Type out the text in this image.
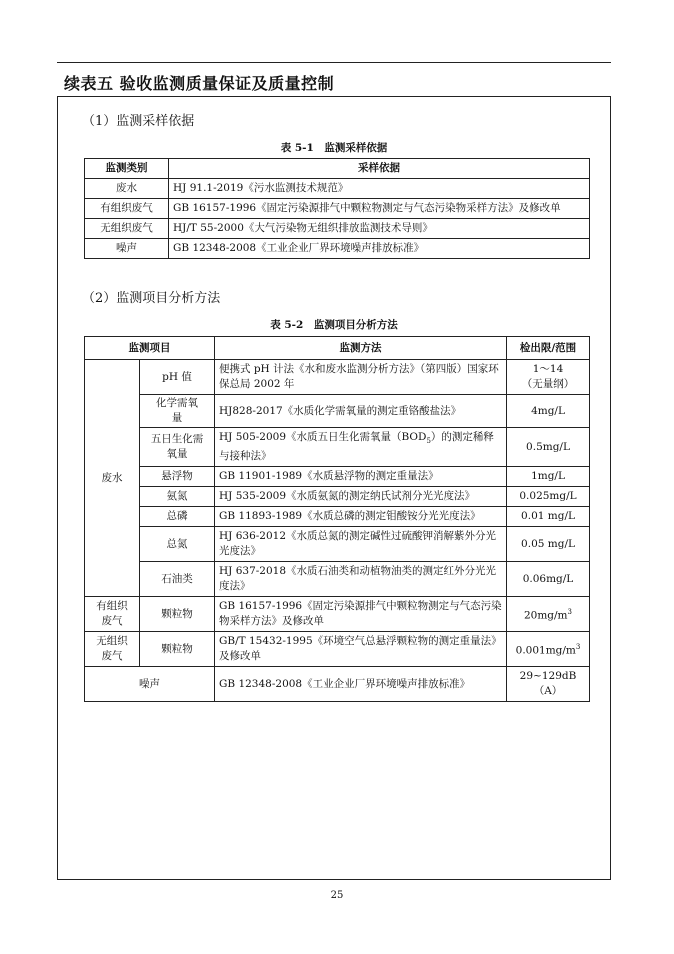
续表五 验收监测质量保证及质量控制
（1）监测采样依据
表 5-1　监测采样依据
监测类别	采样依据
废水	HJ 91.1-2019《污水监测技术规范》
有组织废气	GB 16157-1996《固定污染源排气中颗粒物测定与气态污染物采样方法》及修改单
无组织废气	HJ/T 55-2000《大气污染物无组织排放监测技术导则》
噪声	GB 12348-2008《工业企业厂界环境噪声排放标准》
（2）监测项目分析方法
表 5-2　监测项目分析方法
监测项目		监测方法	检出限/范围
废水	pH 值	便携式 pH 计法《水和废水监测分析方法》（第四版）国家环保总局 2002 年	1～14
（无量纲）

	化学需氧量	HJ828-2017《水质化学需氧量的测定重铬酸盐法》	4mg/L
	五日生化需氧量	HJ 505-2009《水质五日生化需氧量$(BOD_5)$的测定稀释与接种法》	0.5mg/L
	悬浮物	GB 11901-1989《水质悬浮物的测定重量法》	1mg/L
	氨氮	HJ 535-2009《水质氨氮的测定纳氏试剂分光光度法》	0.025mg/L
	总磷	GB 11893-1989《水质总磷的测定钼酸铵分光光度法》	0.01 mg/L
	总氮	HJ 636-2012《水质总氮的测定碱性过硫酸钾消解紫外分光光度法》	0.05 mg/L
	石油类	HJ 637-2018《水质石油类和动植物油类的测定红外分光光度法》	0.06mg/L
有组织废气	颗粒物	GB 16157-1996《固定污染源排气中颗粒物测定与气态污染物采样方法》及修改单	$20mg/m^3$
无组织废气	颗粒物	GB/T 15432-1995《环境空气总悬浮颗粒物的测定重量法》及修改单	$0.001mg/m^3$
噪声		GB 12348-2008《工业企业厂界环境噪声排放标准》	29~129dB（A）
25
